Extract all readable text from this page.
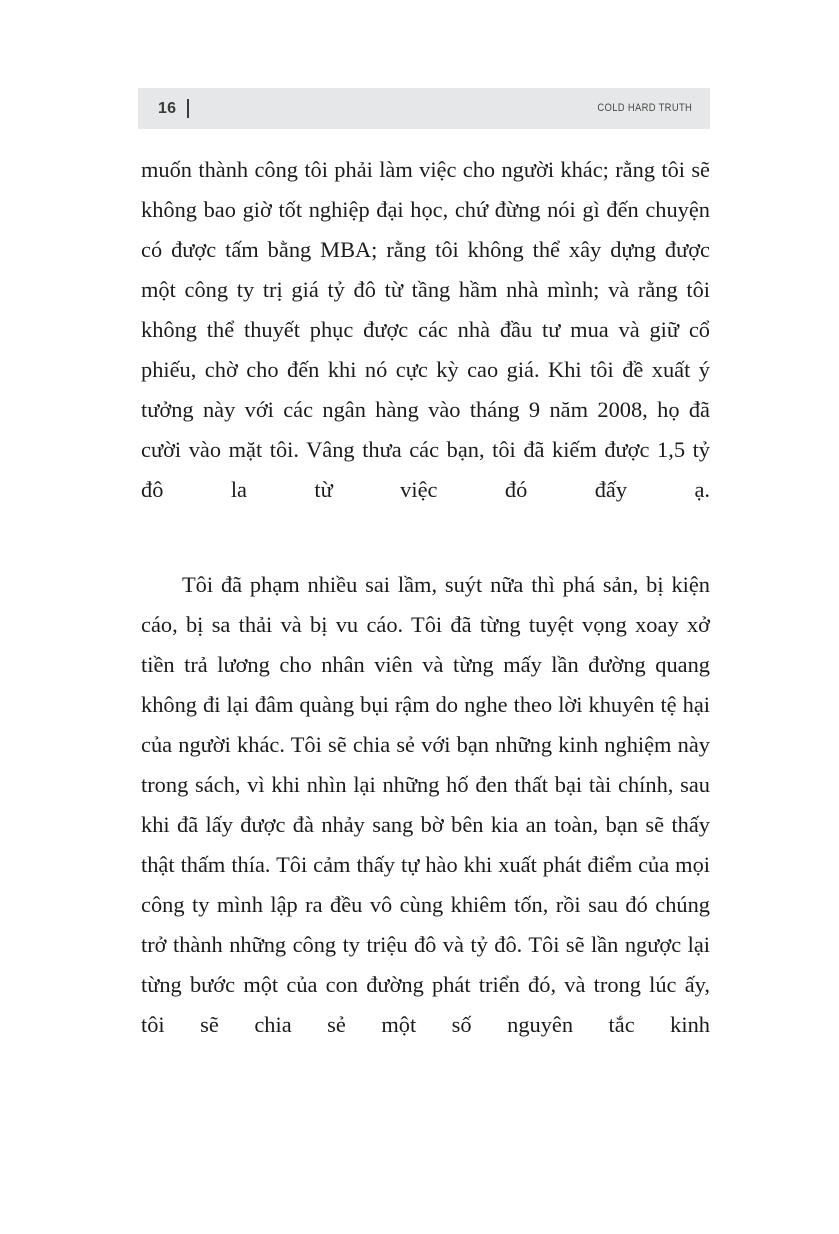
16	COLD HARD TRUTH

muốn thành công tôi phải làm việc cho người khác; rằng tôi sẽ không bao giờ tốt nghiệp đại học, chứ đừng nói gì đến chuyện có được tấm bằng MBA; rằng tôi không thể xây dựng được một công ty trị giá tỷ đô từ tầng hầm nhà mình; và rằng tôi không thể thuyết phục được các nhà đầu tư mua và giữ cổ phiếu, chờ cho đến khi nó cực kỳ cao giá. Khi tôi đề xuất ý tưởng này với các ngân hàng vào tháng 9 năm 2008, họ đã cười vào mặt tôi. Vâng thưa các bạn, tôi đã kiếm được 1,5 tỷ đô la từ việc đó đấy ạ.

Tôi đã phạm nhiều sai lầm, suýt nữa thì phá sản, bị kiện cáo, bị sa thải và bị vu cáo. Tôi đã từng tuyệt vọng xoay xở tiền trả lương cho nhân viên và từng mấy lần đường quang không đi lại đâm quàng bụi rậm do nghe theo lời khuyên tệ hại của người khác. Tôi sẽ chia sẻ với bạn những kinh nghiệm này trong sách, vì khi nhìn lại những hố đen thất bại tài chính, sau khi đã lấy được đà nhảy sang bờ bên kia an toàn, bạn sẽ thấy thật thấm thía. Tôi cảm thấy tự hào khi xuất phát điểm của mọi công ty mình lập ra đều vô cùng khiêm tốn, rồi sau đó chúng trở thành những công ty triệu đô và tỷ đô. Tôi sẽ lần ngược lại từng bước một của con đường phát triển đó, và trong lúc ấy, tôi sẽ chia sẻ một số nguyên tắc kinh
